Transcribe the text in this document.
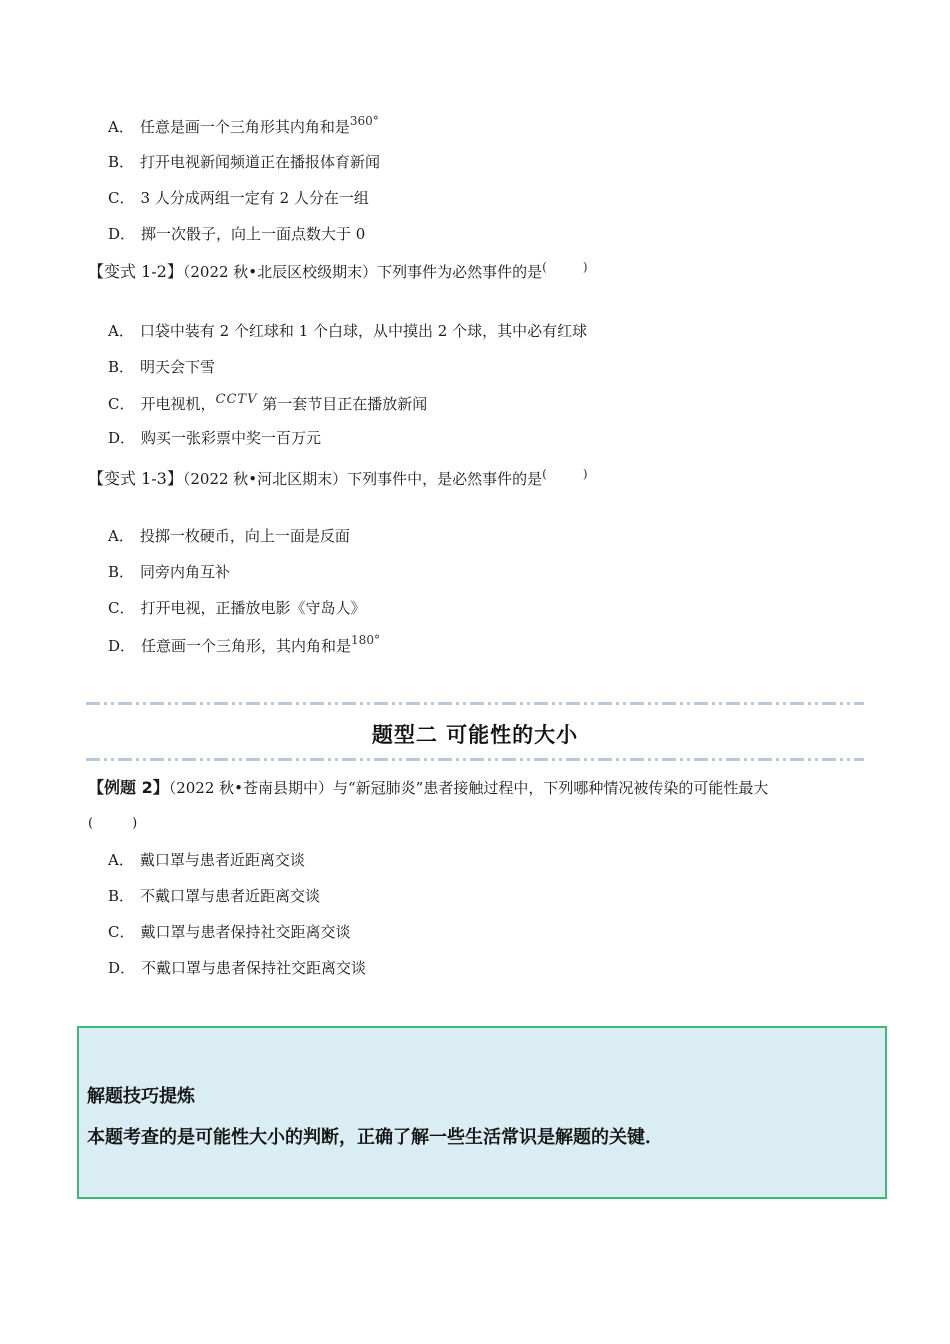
A． 任意是画一个三角形其内角和是$^{360^\circ}$
B． 打开电视新闻频道正在播报体育新闻
C． 3 人分成两组一定有 2 人分在一组
D． 掷一次骰子，向上一面点数大于 0
【变式 1-2】（2022 秋•北辰区校级期末）下列事件为必然事件的是(　　　)
A． 口袋中装有 2 个红球和 1 个白球，从中摸出 2 个球，其中必有红球
B． 明天会下雪
C． 开电视机，CCTV 第一套节目正在播放新闻
D． 购买一张彩票中奖一百万元
【变式 1-3】（2022 秋•河北区期末）下列事件中，是必然事件的是(　　　)
A． 投掷一枚硬币，向上一面是反面
B． 同旁内角互补
C． 打开电视，正播放电影《守岛人》
D． 任意画一个三角形，其内角和是$^{180^\circ}$
题型二 可能性的大小
【例题 2】（2022 秋•苍南县期中）与“新冠肺炎”患者接触过程中，下列哪种情况被传染的可能性最大
(　　　)
A． 戴口罩与患者近距离交谈
B． 不戴口罩与患者近距离交谈
C． 戴口罩与患者保持社交距离交谈
D． 不戴口罩与患者保持社交距离交谈
解题技巧提炼
本题考查的是可能性大小的判断，正确了解一些生活常识是解题的关键．
